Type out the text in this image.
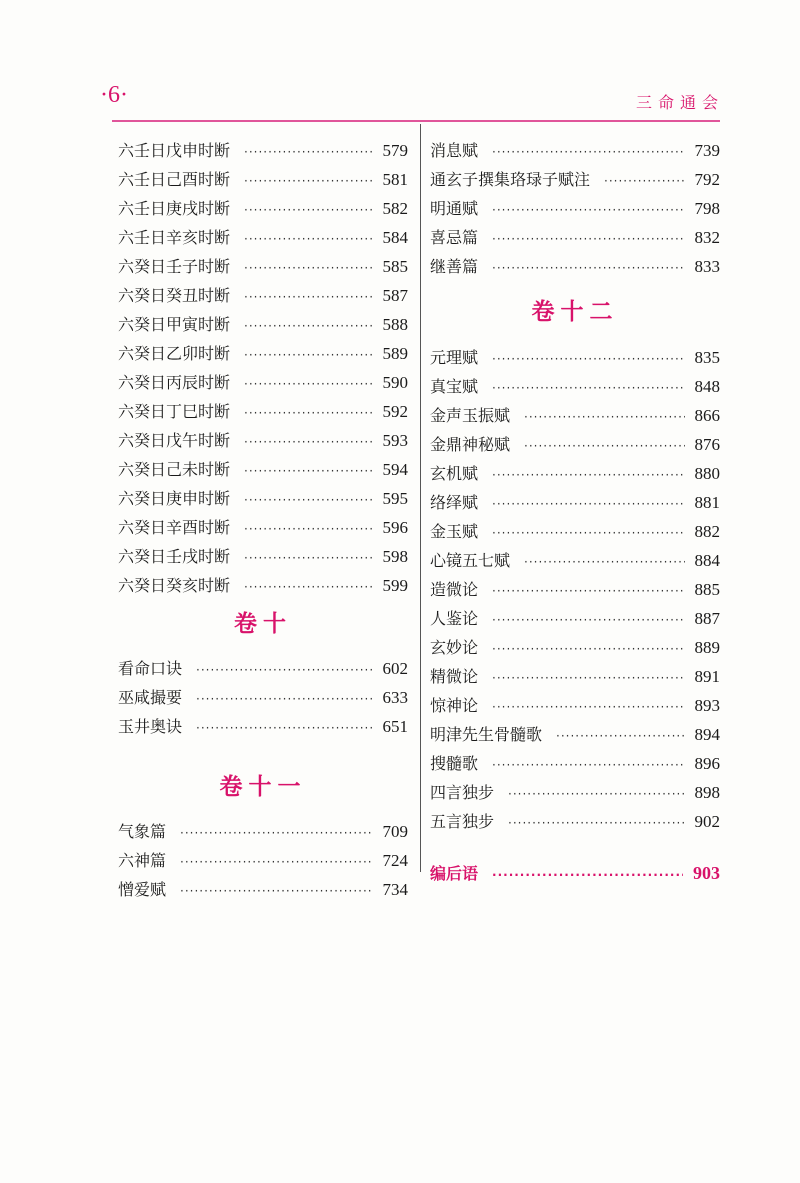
·6·	三命通会
六壬日戊申时断 ·····	579
六壬日己酉时断 ·····	581
六壬日庚戌时断 ·····	582
六壬日辛亥时断 ·····	584
六癸日壬子时断 ·····	585
六癸日癸丑时断 ·····	587
六癸日甲寅时断 ·····	588
六癸日乙卯时断 ·····	589
六癸日丙辰时断 ·····	590
六癸日丁巳时断 ·····	592
六癸日戊午时断 ·····	593
六癸日己未时断 ·····	594
六癸日庚申时断 ·····	595
六癸日辛酉时断 ·····	596
六癸日壬戌时断 ·····	598
六癸日癸亥时断 ·····	599
卷十
看命口诀 ·····	602
巫咸撮要 ·····	633
玉井奥诀 ·····	651
卷十一
气象篇 ·····	709
六神篇 ·····	724
憎爱赋 ·····	734
消息赋 ·····	739
通玄子撰集珞琭子赋注 ·····	792
明通赋 ·····	798
喜忌篇 ·····	832
继善篇 ·····	833
卷十二
元理赋 ·····	835
真宝赋 ·····	848
金声玉振赋 ·····	866
金鼎神秘赋 ·····	876
玄机赋 ·····	880
络绎赋 ·····	881
金玉赋 ·····	882
心镜五七赋 ·····	884
造微论 ·····	885
人鉴论 ·····	887
玄妙论 ·····	889
精微论 ·····	891
惊神论 ·····	893
明津先生骨髓歌 ·····	894
搜髓歌 ·····	896
四言独步 ·····	898
五言独步 ·····	902
编后语 ·····	903
